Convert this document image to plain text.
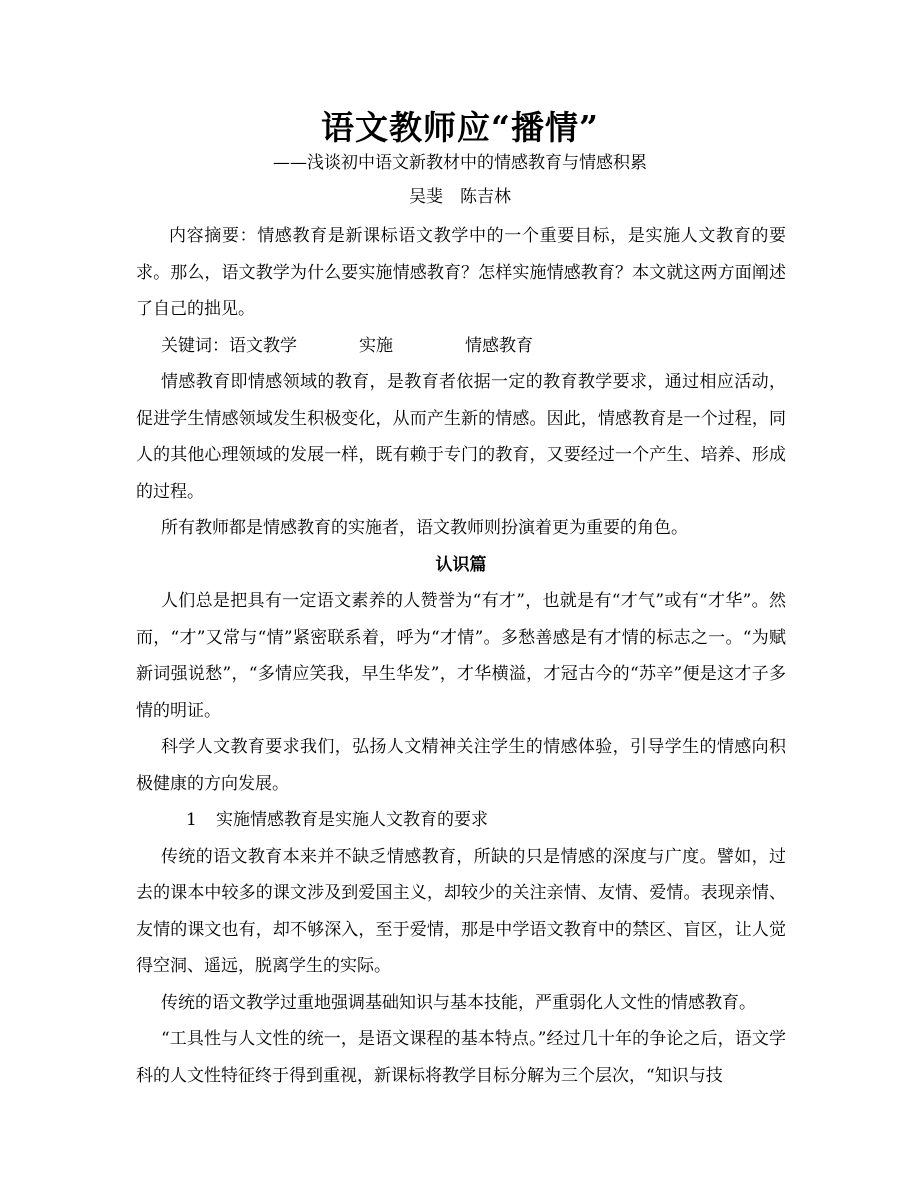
语文教师应“播情”
——浅谈初中语文新教材中的情感教育与情感积累
吴斐　陈吉林

内容摘要：情感教育是新课标语文教学中的一个重要目标，是实施人文教育的要求。那么，语文教学为什么要实施情感教育？怎样实施情感教育？本文就这两方面阐述了自己的拙见。

关键词：语文教学	实施	情感教育

情感教育即情感领域的教育，是教育者依据一定的教育教学要求，通过相应活动，促进学生情感领域发生积极变化，从而产生新的情感。因此，情感教育是一个过程，同人的其他心理领域的发展一样，既有赖于专门的教育，又要经过一个产生、培养、形成的过程。

所有教师都是情感教育的实施者，语文教师则扮演着更为重要的角色。

认识篇

人们总是把具有一定语文素养的人赞誉为“有才”，也就是有“才气”或有“才华”。然而，“才”又常与“情”紧密联系着，呼为“才情”。多愁善感是有才情的标志之一。“为赋新词强说愁”，“多情应笑我，早生华发”，才华横溢，才冠古今的“苏辛”便是这才子多情的明证。

科学人文教育要求我们，弘扬人文精神关注学生的情感体验，引导学生的情感向积极健康的方向发展。

1 实施情感教育是实施人文教育的要求

传统的语文教育本来并不缺乏情感教育，所缺的只是情感的深度与广度。譬如，过去的课本中较多的课文涉及到爱国主义，却较少的关注亲情、友情、爱情。表现亲情、友情的课文也有，却不够深入，至于爱情，那是中学语文教育中的禁区、盲区，让人觉得空洞、遥远，脱离学生的实际。

传统的语文教学过重地强调基础知识与基本技能，严重弱化人文性的情感教育。

“工具性与人文性的统一，是语文课程的基本特点。”经过几十年的争论之后，语文学科的人文性特征终于得到重视，新课标将教学目标分解为三个层次，“知识与技
